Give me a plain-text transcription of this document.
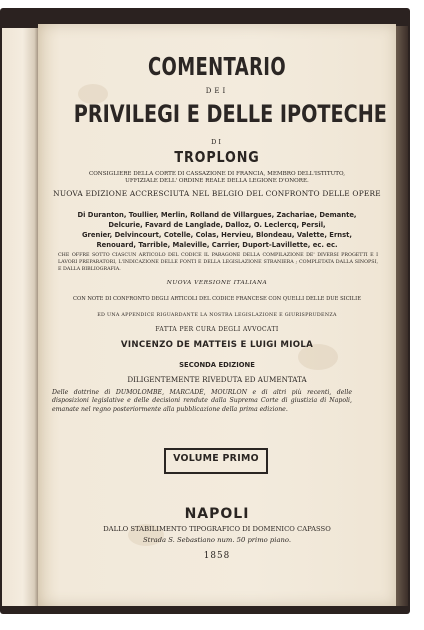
COMENTARIO
DEI
PRIVILEGI E DELLE IPOTECHE
DI
TROPLONG
CONSIGLIERE DELLA CORTE DI CASSAZIONE DI FRANCIA, MEMBRO DELL'ISTITUTO,
UFFIZIALE DELL' ORDINE REALE DELLA LEGIONE D'ONORE.
NUOVA EDIZIONE ACCRESCIUTA NEL BELGIO DEL CONFRONTO DELLE OPERE
Di Duranton, Toullier, Merlin, Rolland de Villargues, Zachariae, Demante,
Delcurie, Favard de Langlade, Dalloz, O. Leclercq, Persil,
Grenier, Delvincourt, Cotelle, Colas, Hervieu, Blondeau, Valette, Ernst,
Renouard, Tarrible, Maleville, Carrier, Duport-Lavillette, ec. ec.
CHE OFFRE SOTTO CIASCUN ARTICOLO DEL CODICE IL PARAGONE DELLA COMPILAZIONE DE' DIVERSI PROGETTI E I LAVORI PREPARATORI, L'INDICAZIONE DELLE FONTI E DELLA LEGISLAZIONE STRANIERA ; COMPLETATA DALLA SINOPSI, E DALLA BIBLIOGRAFIA.
NUOVA VERSIONE ITALIANA
CON NOTE DI CONFRONTO DEGLI ARTICOLI DEL CODICE FRANCESE CON QUELLI DELLE DUE SICILIE
ED UNA APPENDICE RIGUARDANTE LA NOSTRA LEGISLAZIONE E GIURISPRUDENZA
FATTA PER CURA DEGLI AVVOCATI
VINCENZO DE MATTEIS E LUIGI MIOLA
SECONDA EDIZIONE
DILIGENTEMENTE RIVEDUTA ED AUMENTATA
Delle dottrine di DUMOLOMBE, MARCADÈ, MOURLON e di altri più recenti, delle disposizioni legislative e delle decisioni rendute dalla Suprema Corte di giustizia di Napoli, emanate nel regno posteriormente alla pubblicazione della prima edizione.
VOLUME PRIMO
NAPOLI
DALLO STABILIMENTO TIPOGRAFICO DI DOMENICO CAPASSO
Strada S. Sebastiano num. 50 primo piano.
1858
